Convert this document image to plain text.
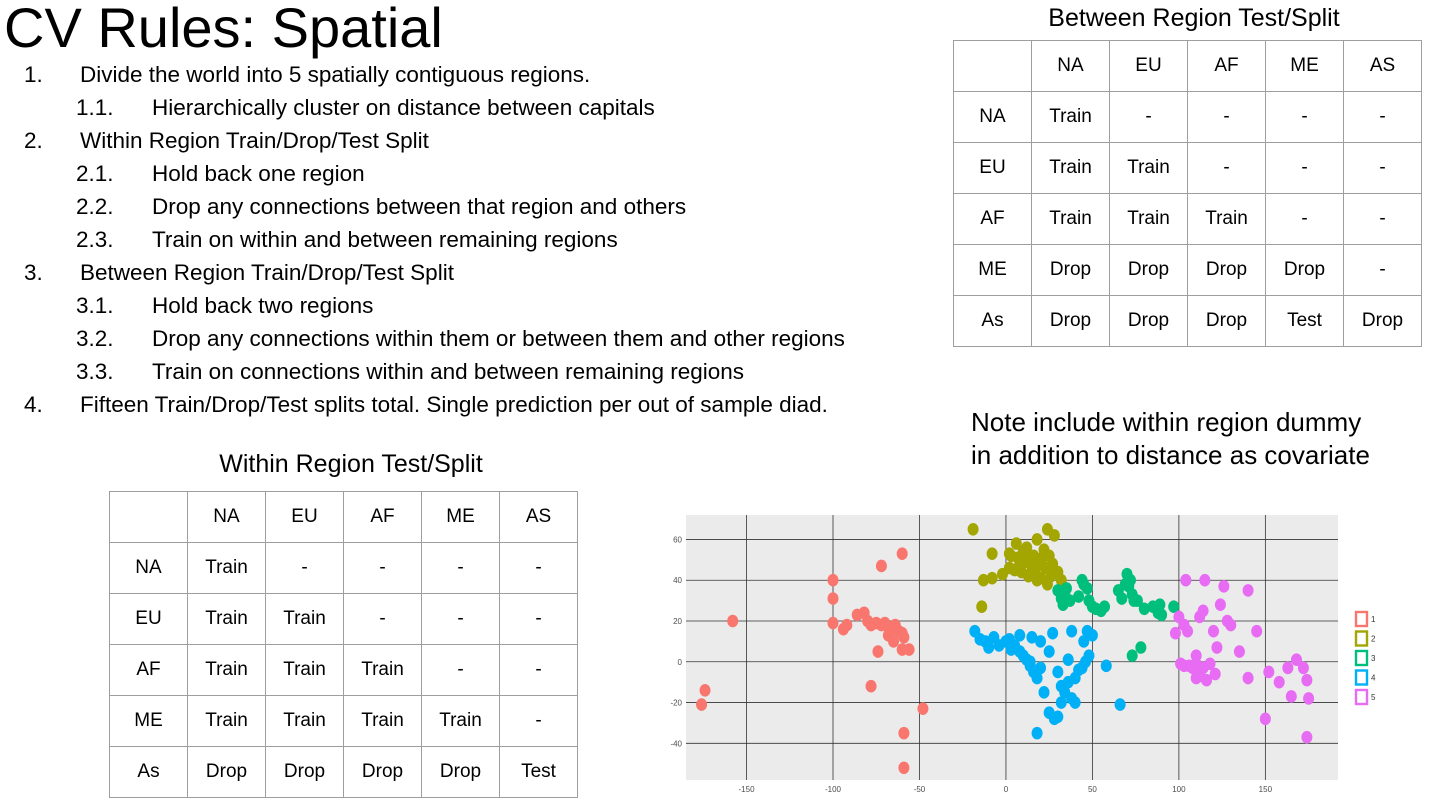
CV Rules: Spatial
1. Divide the world into 5 spatially contiguous regions.
1.1. Hierarchically cluster on distance between capitals
2. Within Region Train/Drop/Test Split
2.1. Hold back one region
2.2. Drop any connections between that region and others
2.3. Train on within and between remaining regions
3. Between Region Train/Drop/Test Split
3.1. Hold back two regions
3.2. Drop any connections within them or between them and other regions
3.3. Train on connections within and between remaining regions
4. Fifteen Train/Drop/Test splits total. Single prediction per out of sample diad.
Between Region Test/Split
	NA	EU	AF	ME	AS
NA	Train	-	-	-	-
EU	Train	Train	-	-	-
AF	Train	Train	Train	-	-
ME	Drop	Drop	Drop	Drop	-
As	Drop	Drop	Drop	Test	Drop
Within Region Test/Split
	NA	EU	AF	ME	AS
NA	Train	-	-	-	-
EU	Train	Train	-	-	-
AF	Train	Train	Train	-	-
ME	Train	Train	Train	Train	-
As	Drop	Drop	Drop	Drop	Test
Note include within region dummy
in addition to distance as covariate
-150	-100	-50	0	50	100	150
-40
-20
0
20
40
60
1
2
3
4
5
